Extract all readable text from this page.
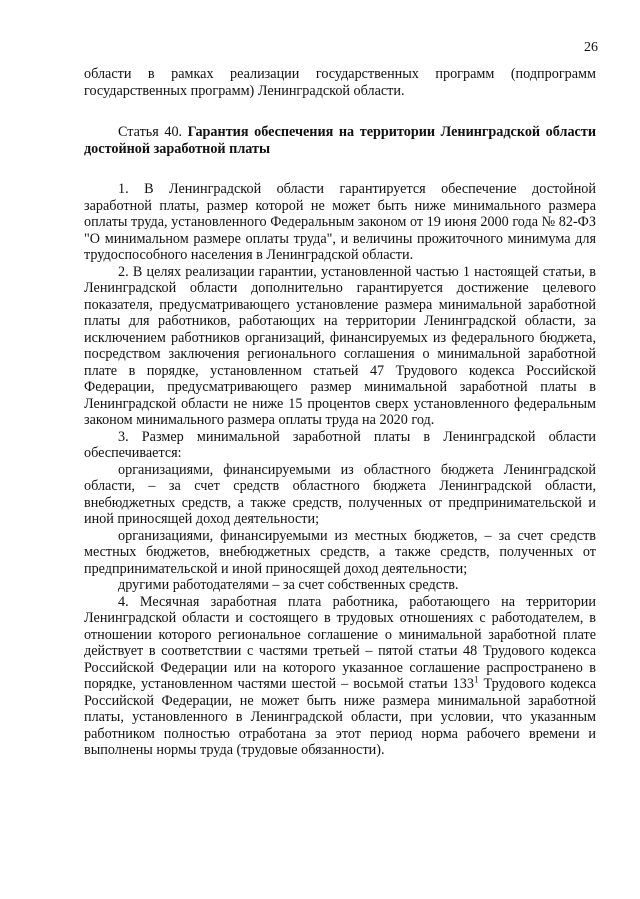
26

области в рамках реализации государственных программ (подпрограмм государственных программ) Ленинградской области.

Статья 40. Гарантия обеспечения на территории Ленинградской области достойной заработной платы

1. В Ленинградской области гарантируется обеспечение достойной заработной платы, размер которой не может быть ниже минимального размера оплаты труда, установленного Федеральным законом от 19 июня 2000 года № 82-ФЗ "О минимальном размере оплаты труда", и величины прожиточного минимума для трудоспособного населения в Ленинградской области.

2. В целях реализации гарантии, установленной частью 1 настоящей статьи, в Ленинградской области дополнительно гарантируется достижение целевого показателя, предусматривающего установление размера минимальной заработной платы для работников, работающих на территории Ленинградской области, за исключением работников организаций, финансируемых из федерального бюджета, посредством заключения регионального соглашения о минимальной заработной плате в порядке, установленном статьей 47 Трудового кодекса Российской Федерации, предусматривающего размер минимальной заработной платы в Ленинградской области не ниже 15 процентов сверх установленного федеральным законом минимального размера оплаты труда на 2020 год.

3. Размер минимальной заработной платы в Ленинградской области обеспечивается:

организациями, финансируемыми из областного бюджета Ленинградской области, – за счет средств областного бюджета Ленинградской области, внебюджетных средств, а также средств, полученных от предпринимательской и иной приносящей доход деятельности;

организациями, финансируемыми из местных бюджетов, – за счет средств местных бюджетов, внебюджетных средств, а также средств, полученных от предпринимательской и иной приносящей доход деятельности;

другими работодателями – за счет собственных средств.

4. Месячная заработная плата работника, работающего на территории Ленинградской области и состоящего в трудовых отношениях с работодателем, в отношении которого региональное соглашение о минимальной заработной плате действует в соответствии с частями третьей – пятой статьи 48 Трудового кодекса Российской Федерации или на которого указанное соглашение распространено в порядке, установленном частями шестой – восьмой статьи $133^1$ Трудового кодекса Российской Федерации, не может быть ниже размера минимальной заработной платы, установленного в Ленинградской области, при условии, что указанным работником полностью отработана за этот период норма рабочего времени и выполнены нормы труда (трудовые обязанности).
